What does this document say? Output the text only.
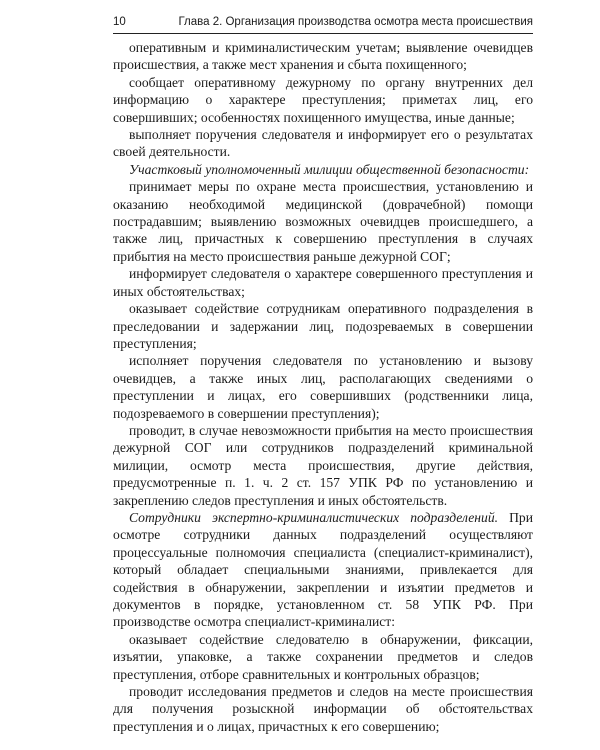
10	Глава 2. Организация производства осмотра места происшествия

оперативным и криминалистическим учетам; выявление очевидцев происшествия, а также мест хранения и сбыта похищенного;

сообщает оперативному дежурному по органу внутренних дел информацию о характере преступления; приметах лиц, его совершивших; особенностях похищенного имущества, иные данные;

выполняет поручения следователя и информирует его о результатах своей деятельности.

Участковый уполномоченный милиции общественной безопасности:

принимает меры по охране места происшествия, установлению и оказанию необходимой медицинской (доврачебной) помощи пострадавшим; выявлению возможных очевидцев происшедшего, а также лиц, причастных к совершению преступления в случаях прибытия на место происшествия раньше дежурной СОГ;

информирует следователя о характере совершенного преступления и иных обстоятельствах;

оказывает содействие сотрудникам оперативного подразделения в преследовании и задержании лиц, подозреваемых в совершении преступления;

исполняет поручения следователя по установлению и вызову очевидцев, а также иных лиц, располагающих сведениями о преступлении и лицах, его совершивших (родственники лица, подозреваемого в совершении преступления);

проводит, в случае невозможности прибытия на место происшествия дежурной СОГ или сотрудников подразделений криминальной милиции, осмотр места происшествия, другие действия, предусмотренные п. 1. ч. 2 ст. 157 УПК РФ по установлению и закреплению следов преступления и иных обстоятельств.

Сотрудники экспертно-криминалистических подразделений. При осмотре сотрудники данных подразделений осуществляют процессуальные полномочия специалиста (специалист-криминалист), который обладает специальными знаниями, привлекается для содействия в обнаружении, закреплении и изъятии предметов и документов в порядке, установленном ст. 58 УПК РФ. При производстве осмотра специалист-криминалист:

оказывает содействие следователю в обнаружении, фиксации, изъятии, упаковке, а также сохранении предметов и следов преступления, отборе сравнительных и контрольных образцов;

проводит исследования предметов и следов на месте происшествия для получения розыскной информации об обстоятельствах преступления и о лицах, причастных к его совершению;
